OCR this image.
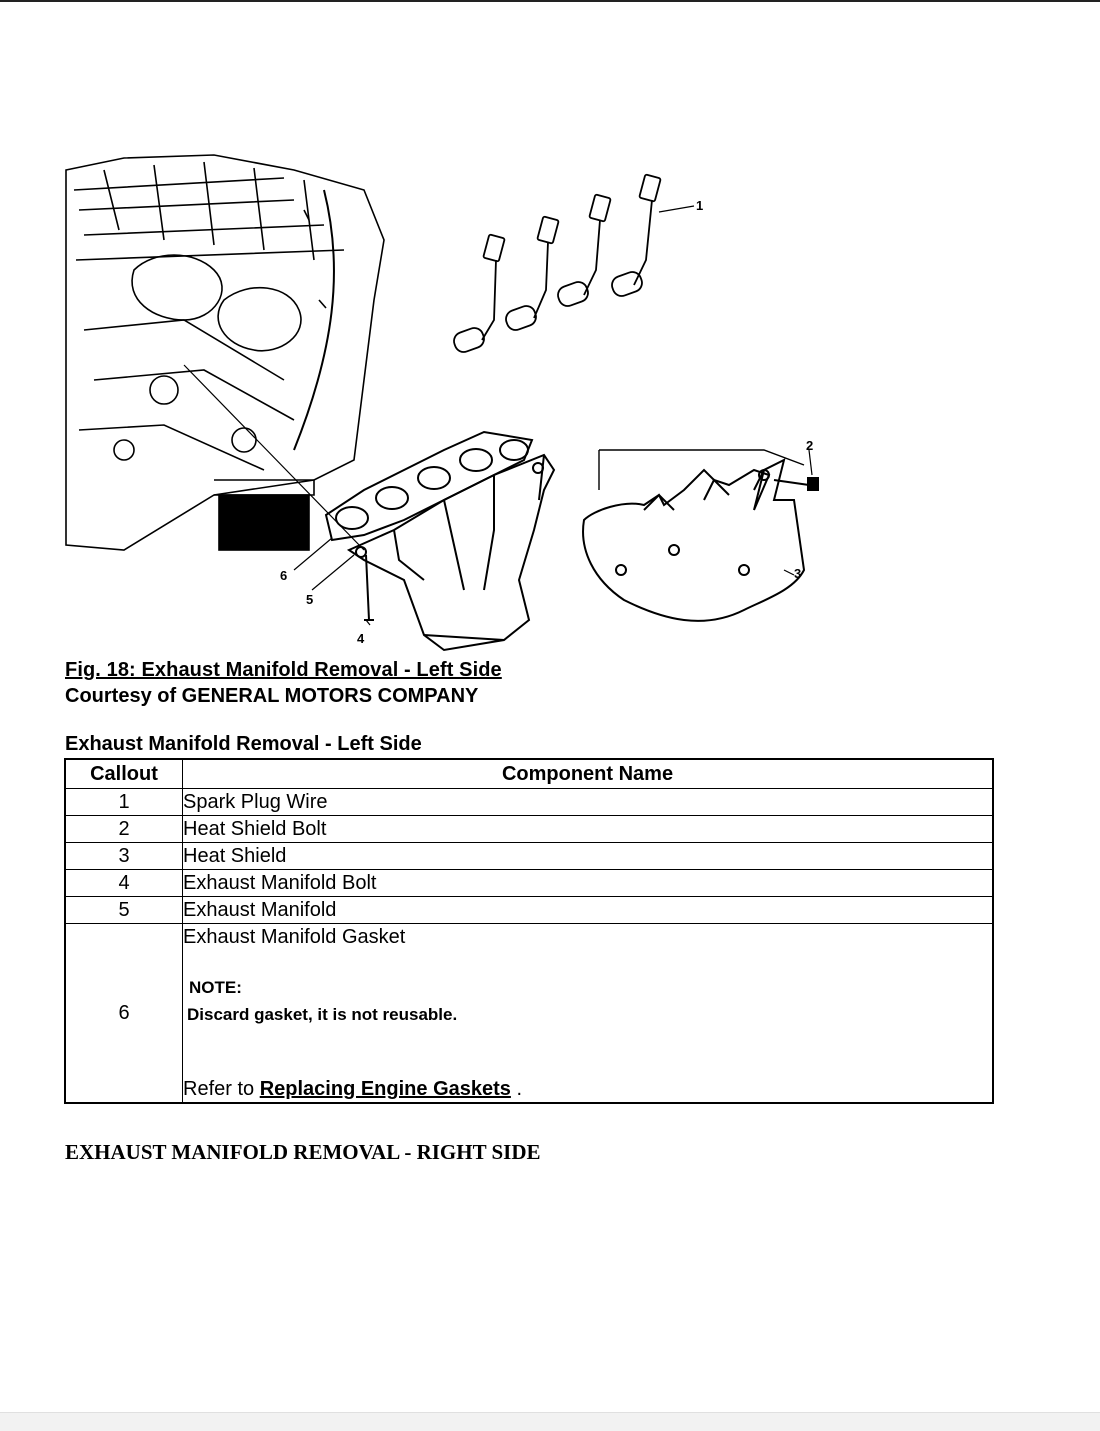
1
2
3
4
5
6
Fig. 18: Exhaust Manifold Removal - Left Side
Courtesy of GENERAL MOTORS COMPANY
Exhaust Manifold Removal - Left Side
Callout	Component Name
1	Spark Plug Wire
2	Heat Shield Bolt
3	Heat Shield
4	Exhaust Manifold Bolt
5	Exhaust Manifold
6	Exhaust Manifold Gasket
NOTE:
Discard gasket, it is not reusable.
Refer to Replacing Engine Gaskets .
EXHAUST MANIFOLD REMOVAL - RIGHT SIDE
